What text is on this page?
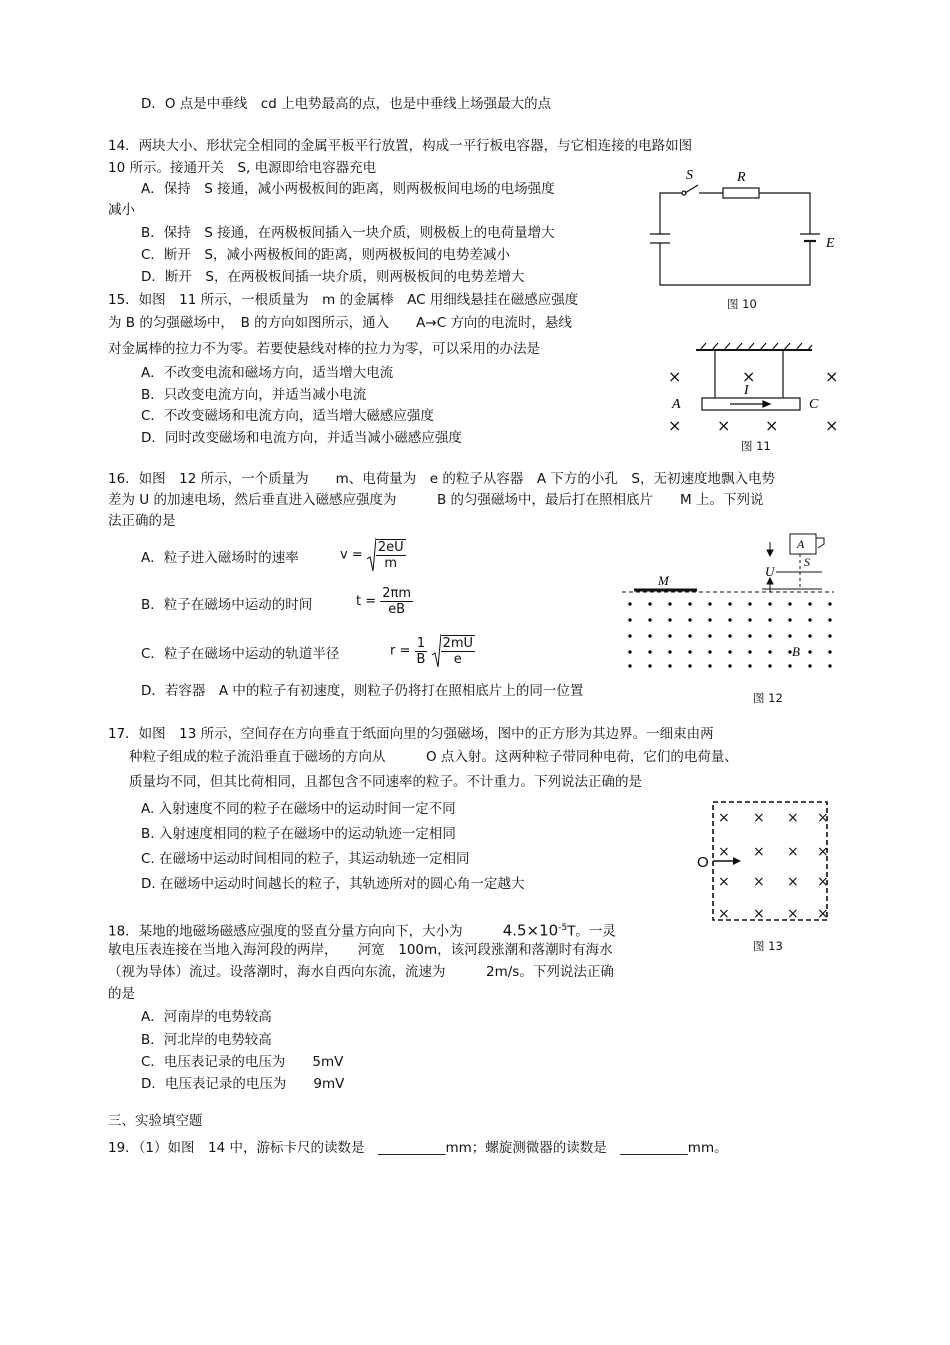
D．O 点是中垂线　cd 上电势最高的点，也是中垂线上场强最大的点
14．两块大小、形状完全相同的金属平板平行放置，构成一平行板电容器，与它相连接的电路如图
10 所示。接通开关　S, 电源即给电容器充电
A．保持　S 接通，减小两极板间的距离，则两极板间电场的电场强度
减小
B．保持　S 接通，在两极板间插入一块介质，则极板上的电荷量增大
C．断开　S，减小两极板间的距离，则两极板间的电势差减小
D．断开　S，在两极板间插一块介质，则两极板间的电势差增大
15．如图　11 所示，一根质量为　m 的金属棒　AC 用细线悬挂在磁感应强度
为 B 的匀强磁场中，　B 的方向如图所示，通入　　A→C 方向的电流时，悬线
对金属棒的拉力不为零。若要使悬线对棒的拉力为零，可以采用的办法是
A．不改变电流和磁场方向，适当增大电流
B．只改变电流方向，并适当减小电流
C．不改变磁场和电流方向，适当增大磁感应强度
D．同时改变磁场和电流方向，并适当减小磁感应强度
16．如图　12 所示，一个质量为　　m、电荷量为　e 的粒子从容器　A 下方的小孔　S，无初速度地飘入电势
差为 U 的加速电场，然后垂直进入磁感应强度为　　　B 的匀强磁场中，最后打在照相底片　　M 上。下列说
法正确的是
A．粒子进入磁场时的速率	$v = \frac{2eU}{m}$
B．粒子在磁场中运动的时间	$t = \frac{2\pi m}{eB}$
C．粒子在磁场中运动的轨道半径	$r = \frac{1}{B}$
$\frac{2mU}{e}$
D．若容器　A 中的粒子有初速度，则粒子仍将打在照相底片上的同一位置
17．如图　13 所示，空间存在方向垂直于纸面向里的匀强磁场，图中的正方形为其边界。一细束由两
种粒子组成的粒子流沿垂直于磁场的方向从　　　O 点入射。这两种粒子带同种电荷，它们的电荷量、
质量均不同，但其比荷相同，且都包含不同速率的粒子。不计重力。下列说法正确的是
A. 入射速度不同的粒子在磁场中的运动时间一定不同
B. 入射速度相同的粒子在磁场中的运动轨迹一定相同
C. 在磁场中运动时间相同的粒子，其运动轨迹一定相同
D. 在磁场中运动时间越长的粒子，其轨迹所对的圆心角一定越大
18．某地的地磁场磁感应强度的竖直分量方向向下，大小为	$4.5\times 10^{-5}T$。一灵
敏电压表连接在当地入海河段的两岸，　　河宽　100m，该河段涨潮和落潮时有海水
（视为导体）流过。设落潮时，海水自西向东流，流速为　　　2m/s。下列说法正确
的是
A．河南岸的电势较高
B．河北岸的电势较高
C．电压表记录的电压为　　5mV
D．电压表记录的电压为　　9mV
三、实验填空题
19．（1）如图　14 中，游标卡尺的读数是　__________mm；螺旋测微器的读数是　__________mm。
S	R
E
图 10
×	×	×
× × ×	×
A	C
I
图 11
M
U
A
S
B
图 12
× × × ×
× × × ×
× × × ×
× × × ×
O
图 13
